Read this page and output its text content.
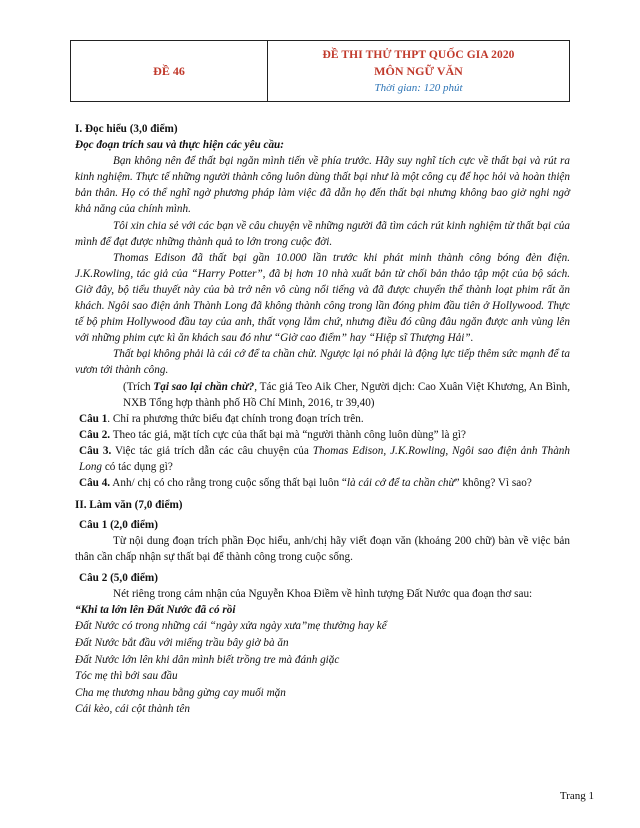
ĐỀ 46
ĐỀ THI THỬ THPT QUỐC GIA 2020
MÔN NGỮ VĂN
Thời gian: 120 phút

I. Đọc hiểu (3,0 điểm)

Đọc đoạn trích sau và thực hiện các yêu cầu:

Bạn không nên để thất bại ngăn mình tiến về phía trước. Hãy suy nghĩ tích cực về thất bại và rút ra kinh nghiệm. Thực tế những người thành công luôn dùng thất bại như là một công cụ để học hỏi và hoàn thiện bản thân. Họ có thể nghĩ ngờ phương pháp làm việc đã dẫn họ đến thất bại nhưng không bao giờ nghi ngờ khả năng của chính mình.

Tôi xin chia sẻ với các bạn về câu chuyện về những người đã tìm cách rút kinh nghiệm từ thất bại của mình để đạt được những thành quả to lớn trong cuộc đời.

Thomas Edison đã thất bại gần 10.000 lần trước khi phát minh thành công bóng đèn điện. J.K.Rowling, tác giả của “Harry Potter”, đã bị hơn 10 nhà xuất bản từ chối bản thảo tập một của bộ sách. Giờ đây, bộ tiểu thuyết này của bà trở nên vô cùng nổi tiếng và đã được chuyển thể thành loạt phim rất ăn khách. Ngôi sao điện ảnh Thành Long đã không thành công trong lần đóng phim đầu tiên ở Hollywood. Thực tế bộ phim Hollywood đầu tay của anh, thất vọng lắm chứ, nhưng điều đó cũng đâu ngăn được anh vùng lên với những phim cực kì ăn khách sau đó như “Giờ cao điểm” hay “Hiệp sĩ Thượng Hải”.

Thất bại không phải là cái cớ để ta chần chừ. Ngược lại nó phải là động lực tiếp thêm sức mạnh để ta vươn tới thành công.

(Trích Tại sao lại chần chừ?, Tác giả Teo Aik Cher, Người dịch: Cao Xuân Việt Khương, An Bình, NXB Tổng hợp thành phố Hồ Chí Minh, 2016, tr 39,40)

Câu 1. Chỉ ra phương thức biểu đạt chính trong đoạn trích trên.

Câu 2. Theo tác giả, mặt tích cực của thất bại mà “người thành công luôn dùng” là gì?

Câu 3. Việc tác giả trích dẫn các câu chuyện của Thomas Edison, J.K.Rowling, Ngôi sao điện ảnh Thành Long có tác dụng gì?

Câu 4. Anh/ chị có cho rằng trong cuộc sống thất bại luôn “là cái cớ để ta chần chừ” không? Vì sao?

II. Làm văn (7,0 điểm)

Câu 1 (2,0 điểm)

Từ nội dung đoạn trích phần Đọc hiểu, anh/chị hãy viết đoạn văn (khoảng 200 chữ) bàn về việc bản thân cần chấp nhận sự thất bại để thành công trong cuộc sống.

Câu 2 (5,0 điểm)

Nét riêng trong cảm nhận của Nguyễn Khoa Điềm về hình tượng Đất Nước qua đoạn thơ sau:

“Khi ta lớn lên Đất Nước đã có rồi

Đất Nước có trong những cái “ngày xửa ngày xưa”mẹ thường hay kể

Đất Nước bắt đầu với miếng trầu bây giờ bà ăn

Đất Nước lớn lên khi dân mình biết trồng tre mà đánh giặc

Tóc mẹ thì bới sau đầu

Cha mẹ thương nhau bằng gừng cay muối mặn

Cái kèo, cái cột thành tên

Trang 1
